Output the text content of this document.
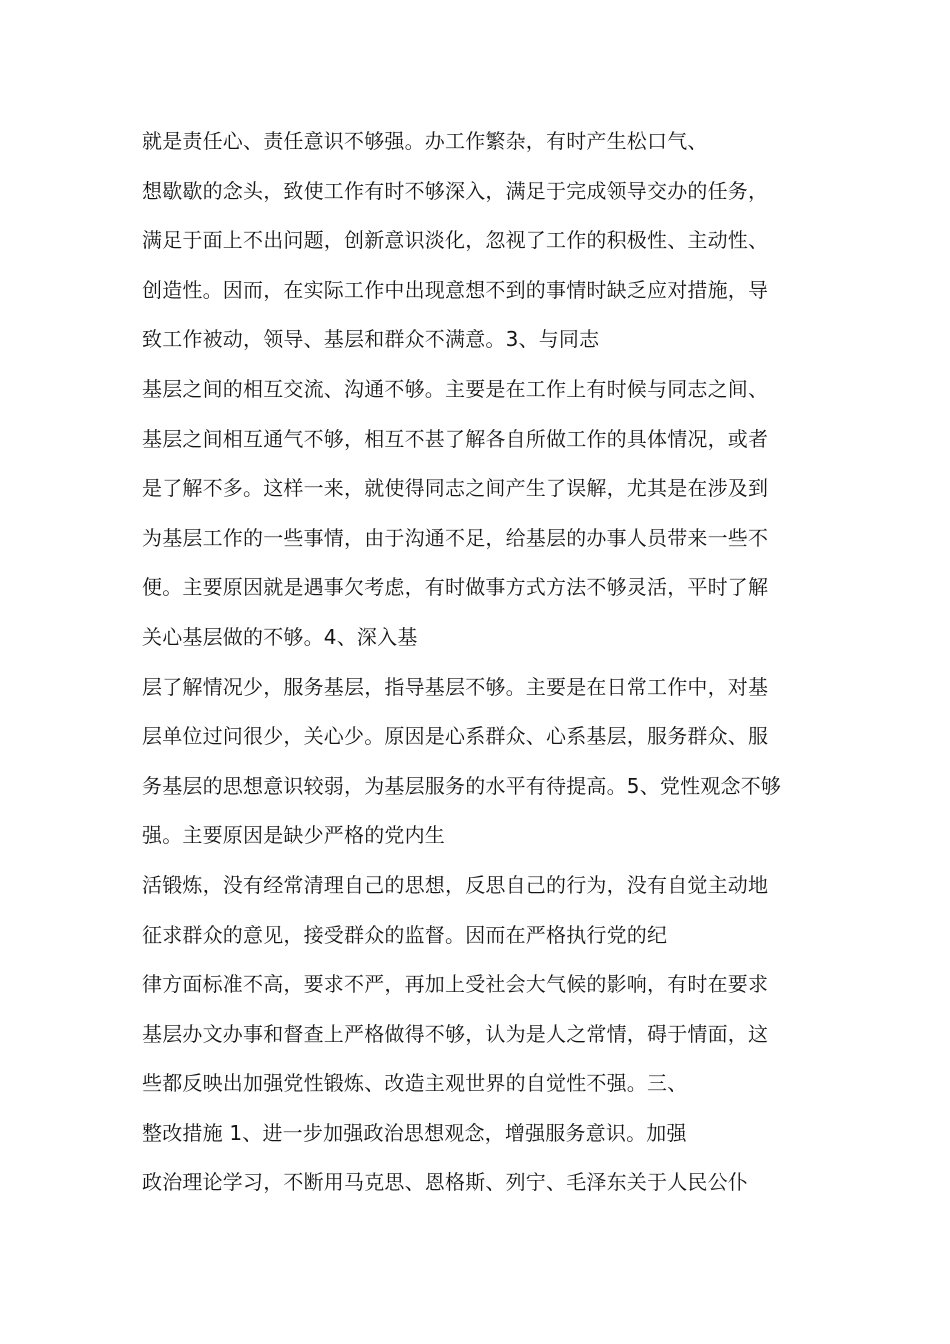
就是责任心、责任意识不够强。办工作繁杂，有时产生松口气、
想歇歇的念头，致使工作有时不够深入，满足于完成领导交办的任务，
满足于面上不出问题，创新意识淡化，忽视了工作的积极性、主动性、
创造性。因而，在实际工作中出现意想不到的事情时缺乏应对措施，导
致工作被动，领导、基层和群众不满意。3、与同志
基层之间的相互交流、沟通不够。主要是在工作上有时候与同志之间、
基层之间相互通气不够，相互不甚了解各自所做工作的具体情况，或者
是了解不多。这样一来，就使得同志之间产生了误解，尤其是在涉及到
为基层工作的一些事情，由于沟通不足，给基层的办事人员带来一些不
便。主要原因就是遇事欠考虑，有时做事方式方法不够灵活，平时了解
关心基层做的不够。4、深入基
层了解情况少，服务基层，指导基层不够。主要是在日常工作中，对基
层单位过问很少，关心少。原因是心系群众、心系基层，服务群众、服
务基层的思想意识较弱，为基层服务的水平有待提高。5、党性观念不够
强。主要原因是缺少严格的党内生
活锻炼，没有经常清理自己的思想，反思自己的行为，没有自觉主动地
征求群众的意见，接受群众的监督。因而在严格执行党的纪
律方面标准不高，要求不严，再加上受社会大气候的影响，有时在要求
基层办文办事和督查上严格做得不够，认为是人之常情，碍于情面，这
些都反映出加强党性锻炼、改造主观世界的自觉性不强。三、
整改措施 1、进一步加强政治思想观念，增强服务意识。加强
政治理论学习，不断用马克思、恩格斯、列宁、毛泽东关于人民公仆
